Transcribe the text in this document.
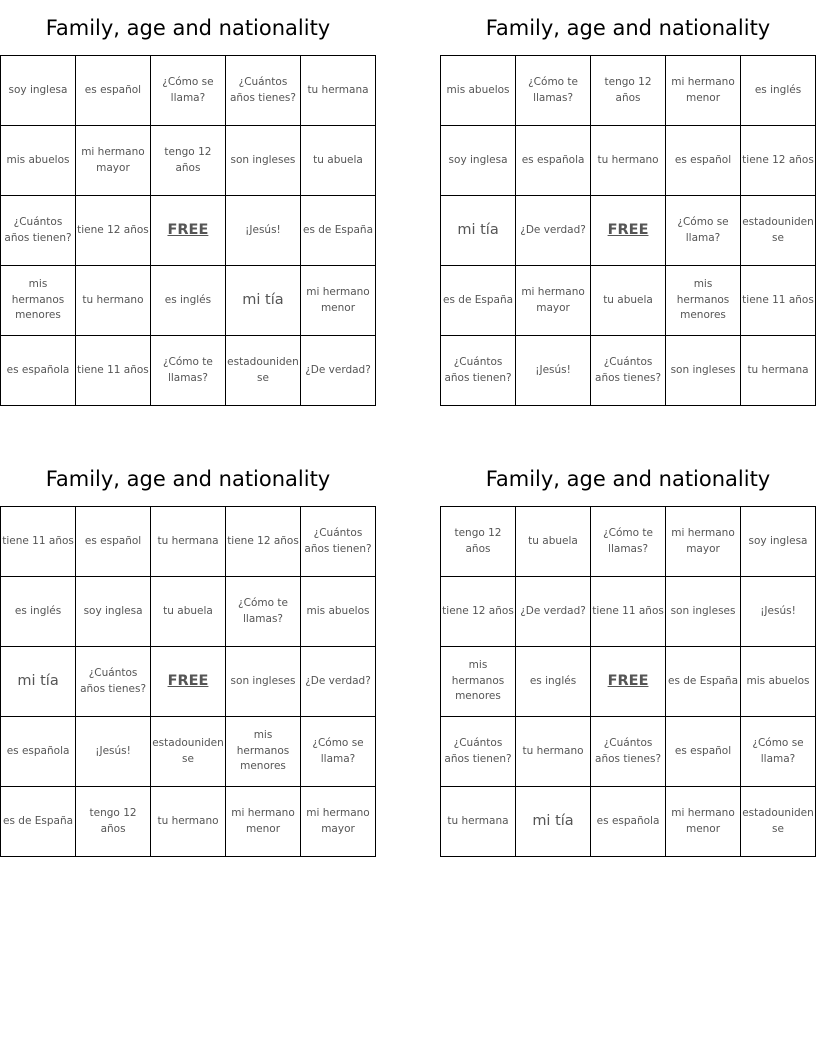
Family, age and nationality
soy inglesa	es español	¿Cómo se llama?	¿Cuántos años tienes?	tu hermana
mis abuelos	mi hermano mayor	tengo 12 años	son ingleses	tu abuela
¿Cuántos años tienen?	tiene 12 años	FREE	¡Jesús!	es de España
mis hermanos menores	tu hermano	es inglés	mi tía	mi hermano menor
es española	tiene 11 años	¿Cómo te llamas?	estadounidense	¿De verdad?
Family, age and nationality
mis abuelos	¿Cómo te llamas?	tengo 12 años	mi hermano menor	es inglés
soy inglesa	es española	tu hermano	es español	tiene 12 años
mi tía	¿De verdad?	FREE	¿Cómo se llama?	estadounidense
es de España	mi hermano mayor	tu abuela	mis hermanos menores	tiene 11 años
¿Cuántos años tienen?	¡Jesús!	¿Cuántos años tienes?	son ingleses	tu hermana
Family, age and nationality
tiene 11 años	es español	tu hermana	tiene 12 años	¿Cuántos años tienen?
es inglés	soy inglesa	tu abuela	¿Cómo te llamas?	mis abuelos
mi tía	¿Cuántos años tienes?	FREE	son ingleses	¿De verdad?
es española	¡Jesús!	estadounidense	mis hermanos menores	¿Cómo se llama?
es de España	tengo 12 años	tu hermano	mi hermano menor	mi hermano mayor
Family, age and nationality
tengo 12 años	tu abuela	¿Cómo te llamas?	mi hermano mayor	soy inglesa
tiene 12 años	¿De verdad?	tiene 11 años	son ingleses	¡Jesús!
mis hermanos menores	es inglés	FREE	es de España	mis abuelos
¿Cuántos años tienen?	tu hermano	¿Cuántos años tienes?	es español	¿Cómo se llama?
tu hermana	mi tía	es española	mi hermano menor	estadounidense
